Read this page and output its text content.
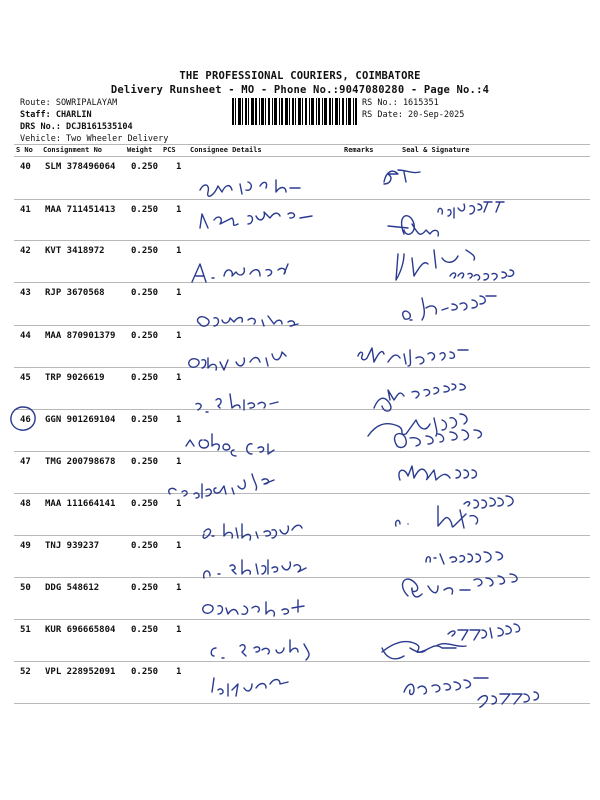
THE PROFESSIONAL COURIERS, COIMBATORE
Delivery Runsheet - MO - Phone No.:9047080280 - Page No.:4
Route: SOWRIPALAYAM
Staff: CHARLIN
DRS No.: DCJB161535104
Vehicle: Two Wheeler Delivery
RS No.: 1615351
RS Date: 20-Sep-2025
S No Consignment No	Weight PCS Consignee Details	Remarks	Seal & Signature
40 SLM 378496064 0.250 1
41 MAA 711451413 0.250 1
42 KVT 3418972	0.250 1
43 RJP 3670568	0.250 1
44 MAA 870901379 0.250 1
45 TRP 9026619	0.250 1
46 GGN 901269104 0.250 1
47 TMG 200798678 0.250 1
48 MAA 111664141 0.250 1
49 TNJ 939237	0.250 1
50 DDG 548612	0.250 1
51 KUR 696665804 0.250 1
52 VPL 228952091 0.250 1
